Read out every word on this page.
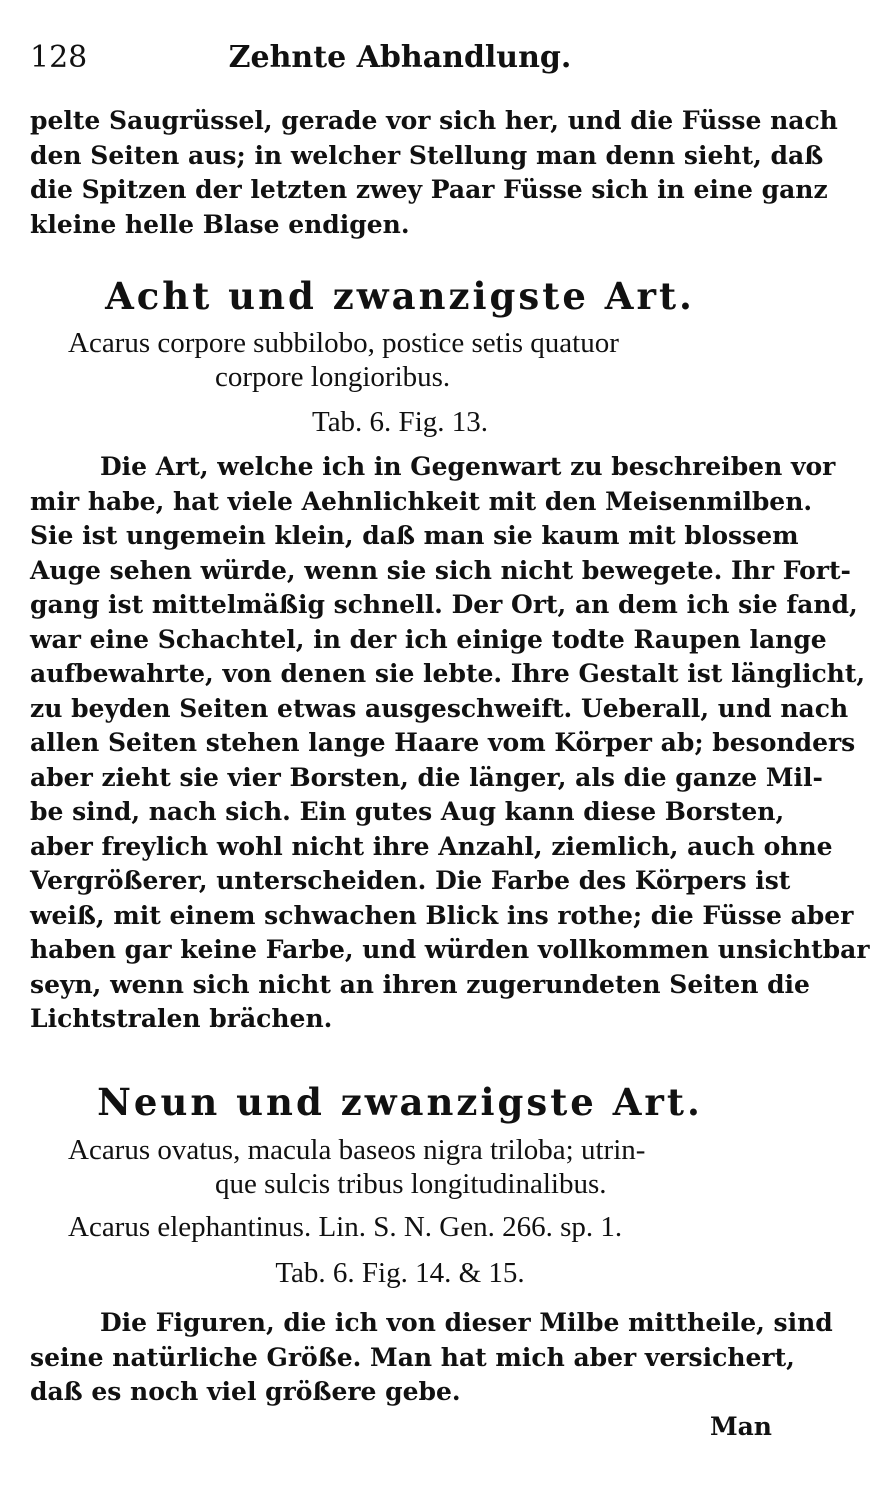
128	Zehnte Abhandlung.
pelte Saugrüssel, gerade vor sich her, und die Füsse nach
den Seiten aus; in welcher Stellung man denn sieht, daß
die Spitzen der letzten zwey Paar Füsse sich in eine ganz
kleine helle Blase endigen.
Acht und zwanzigste Art.
Acarus corpore subbilobo, postice setis quatuor
corpore longioribus.
Tab. 6. Fig. 13.
Die Art, welche ich in Gegenwart zu beschreiben vor
mir habe, hat viele Aehnlichkeit mit den Meisenmilben.
Sie ist ungemein klein, daß man sie kaum mit blossem
Auge sehen würde, wenn sie sich nicht bewegete. Ihr Fort-
gang ist mittelmäßig schnell. Der Ort, an dem ich sie fand,
war eine Schachtel, in der ich einige todte Raupen lange
aufbewahrte, von denen sie lebte. Ihre Gestalt ist länglicht,
zu beyden Seiten etwas ausgeschweift. Ueberall, und nach
allen Seiten stehen lange Haare vom Körper ab; besonders
aber zieht sie vier Borsten, die länger, als die ganze Mil-
be sind, nach sich. Ein gutes Aug kann diese Borsten,
aber freylich wohl nicht ihre Anzahl, ziemlich, auch ohne
Vergrößerer, unterscheiden. Die Farbe des Körpers ist
weiß, mit einem schwachen Blick ins rothe; die Füsse aber
haben gar keine Farbe, und würden vollkommen unsichtbar
seyn, wenn sich nicht an ihren zugerundeten Seiten die
Lichtstralen brächen.
Neun und zwanzigste Art.
Acarus ovatus, macula baseos nigra triloba; utrin-
que sulcis tribus longitudinalibus.
Acarus elephantinus. Lin. S. N. Gen. 266. sp. 1.
Tab. 6. Fig. 14. & 15.
Die Figuren, die ich von dieser Milbe mittheile, sind
seine natürliche Größe. Man hat mich aber versichert,
daß es noch viel größere gebe.
Man
